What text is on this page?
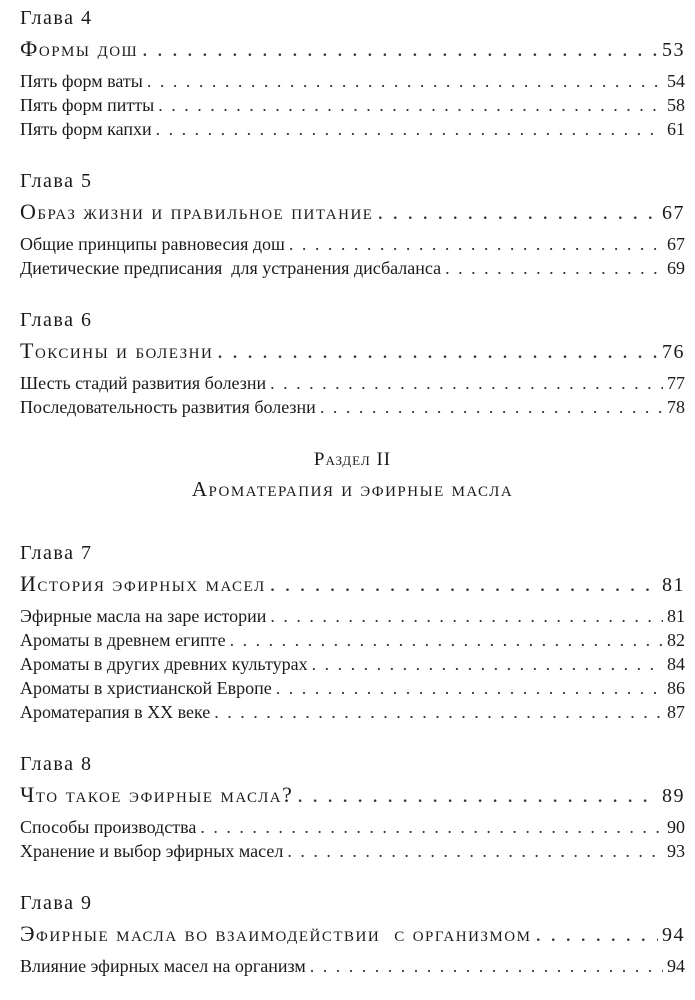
Глава 4
Формы дош . . .	53
Пять форм ваты . . .	54
Пять форм питты . . .	58
Пять форм капхи . . .	61
Глава 5
Образ жизни и правильное питание . . .	67
Общие принципы равновесия дош . . .	67
Диетические предписания  для устранения дисбаланса . . .	69
Глава 6
Токсины и болезни . . .	76
Шесть стадий развития болезни . . .	77
Последовательность развития болезни . . .	78
Раздел II
Ароматерапия и эфирные масла
Глава 7
История эфирных масел . . .	81
Эфирные масла на заре истории . . .	81
Ароматы в древнем египте . . .	82
Ароматы в других древних культурах . . .	84
Ароматы в христианской Европе . . .	86
Ароматерапия в XX веке . . .	87
Глава 8
Что такое эфирные масла? . . .	89
Способы производства . . .	90
Хранение и выбор эфирных масел . . .	93
Глава 9
Эфирные масла во взаимодействии  с организмом . . .	94
Влияние эфирных масел на организм . . .	94
